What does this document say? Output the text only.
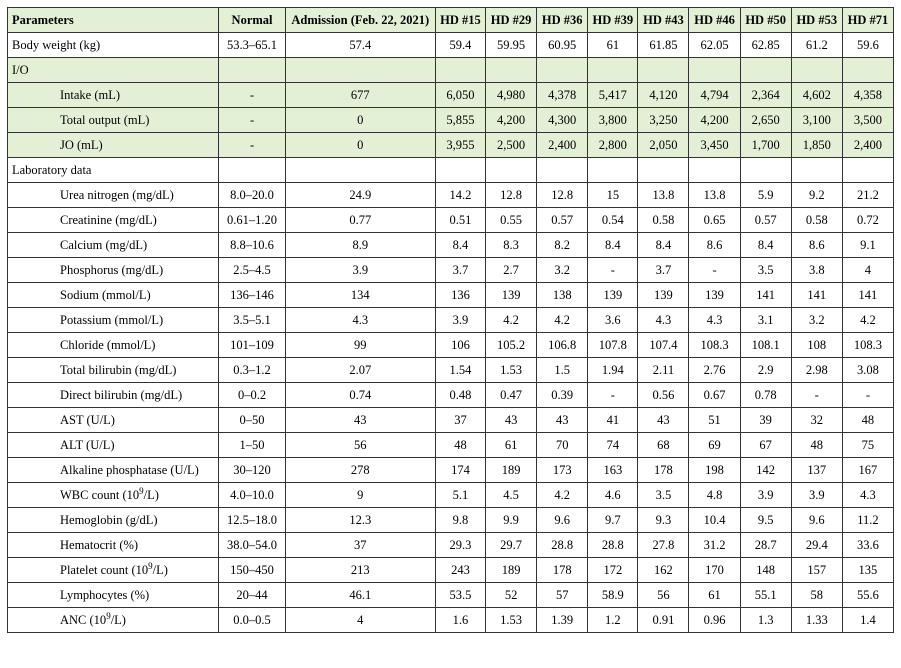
Parameters	Normal	Admission (Feb. 22, 2021)	HD #15	HD #29	HD #36	HD #39	HD #43	HD #46	HD #50	HD #53	HD #71
Body weight (kg)	53.3–65.1	57.4	59.4	59.95	60.95	61	61.85	62.05	62.85	61.2	59.6
I/O											
Intake (mL)	-	677	6,050	4,980	4,378	5,417	4,120	4,794	2,364	4,602	4,358
Total output (mL)	-	0	5,855	4,200	4,300	3,800	3,250	4,200	2,650	3,100	3,500
JO (mL)	-	0	3,955	2,500	2,400	2,800	2,050	3,450	1,700	1,850	2,400
Laboratory data											
Urea nitrogen (mg/dL)	8.0–20.0	24.9	14.2	12.8	12.8	15	13.8	13.8	5.9	9.2	21.2
Creatinine (mg/dL)	0.61–1.20	0.77	0.51	0.55	0.57	0.54	0.58	0.65	0.57	0.58	0.72
Calcium (mg/dL)	8.8–10.6	8.9	8.4	8.3	8.2	8.4	8.4	8.6	8.4	8.6	9.1
Phosphorus (mg/dL)	2.5–4.5	3.9	3.7	2.7	3.2	-	3.7	-	3.5	3.8	4
Sodium (mmol/L)	136–146	134	136	139	138	139	139	139	141	141	141
Potassium (mmol/L)	3.5–5.1	4.3	3.9	4.2	4.2	3.6	4.3	4.3	3.1	3.2	4.2
Chloride (mmol/L)	101–109	99	106	105.2	106.8	107.8	107.4	108.3	108.1	108	108.3
Total bilirubin (mg/dL)	0.3–1.2	2.07	1.54	1.53	1.5	1.94	2.11	2.76	2.9	2.98	3.08
Direct bilirubin (mg/dL)	0–0.2	0.74	0.48	0.47	0.39	-	0.56	0.67	0.78	-	-
AST (U/L)	0–50	43	37	43	43	41	43	51	39	32	48
ALT (U/L)	1–50	56	48	61	70	74	68	69	67	48	75
Alkaline phosphatase (U/L)	30–120	278	174	189	173	163	178	198	142	137	167
WBC count $(10^9/L)$	4.0–10.0	9	5.1	4.5	4.2	4.6	3.5	4.8	3.9	3.9	4.3
Hemoglobin (g/dL)	12.5–18.0	12.3	9.8	9.9	9.6	9.7	9.3	10.4	9.5	9.6	11.2
Hematocrit (%)	38.0–54.0	37	29.3	29.7	28.8	28.8	27.8	31.2	28.7	29.4	33.6
Platelet count $(10^9/L)$	150–450	213	243	189	178	172	162	170	148	157	135
Lymphocytes (%)	20–44	46.1	53.5	52	57	58.9	56	61	55.1	58	55.6
ANC $(10^9/L)$	0.0–0.5	4	1.6	1.53	1.39	1.2	0.91	0.96	1.3	1.33	1.4
